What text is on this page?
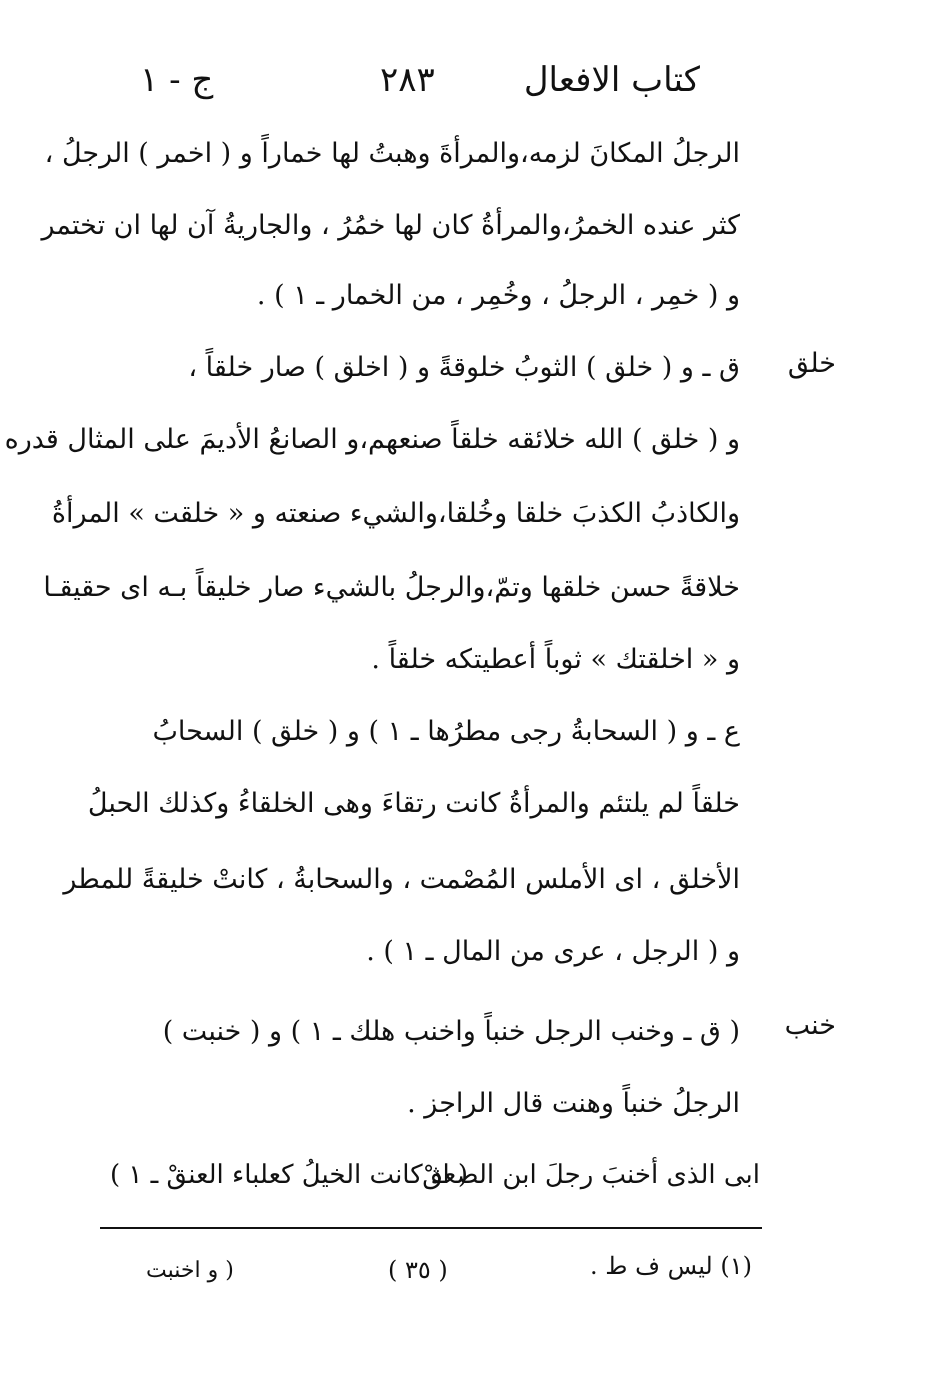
كتاب الافعال
٢٨٣
ج - ١
خلق
خنب
الرجلُ المكانَ لزمه،والمرأةَ وهبتُ لها خماراً و ( اخمر ) الرجلُ ،
كثر عنده الخمرُ،والمرأةُ كان لها خمُرُ ، والجاريةُ آن لها ان تختمر
و ( خمِر ، الرجلُ ، وخُمِر ، من الخمار ـ ١ ) .
ق ـ و ( خلق ) الثوبُ خلوقةً و ( اخلق ) صار خلقاً ،
و ( خلق ) الله خلائقه خلقاً صنعهم،و الصانعُ الأديمَ على المثال قدره
والكاذبُ الكذبَ خلقا وخُلقا،والشيء صنعته و « خلقت » المرأةُ
خلاقةً حسن خلقها وتمّ،والرجلُ بالشيء صار خليقاً بـه اى حقيقـا
و « اخلقتك » ثوباً أعطيتكه خلقاً .
ع ـ و ( السحابةُ رجى مطرُها ـ ١ ) و ( خلق ) السحابُ
خلقاً لم يلتئم والمرأةُ كانت رتقاءَ وهى الخلقاءُ وكذلك الحبلُ
الأخلق ، اى الأملس المُصْمت ، والسحابةُ ، كانتْ خليقةً للمطر
و ( الرجل ، عرى من المال ـ ١ ) .
( ق ـ وخنب الرجل خنباً واخنب هلك ـ ١ ) و ( خنبت )
الرجلُ خنباً وهنت قال الراجز .
ابى الذى أخنبَ رجلَ ابن الصعقْ
( اذ كانت الخيلُ كعلباء العنقْ ـ ١ )
(١) ليس ف ط .
( ٣٥ )
( و اخنبت
